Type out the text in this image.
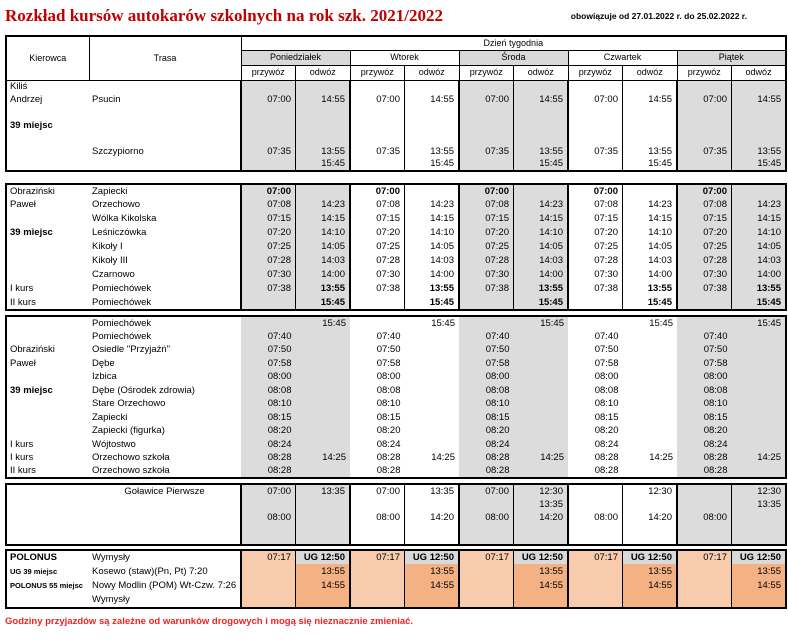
Rozkład kursów autokarów szkolnych na rok szk. 2021/2022	obowiązuje od 27.01.2022 r. do 25.02.2022 r.
Kierowca	Trasa	Dzień tygodnia									
		Poniedziałek		Wtorek		Środa		Czwartek		Piątek	
		przywóz	odwóz	przywóz	odwóz	przywóz	odwóz	przywóz	odwóz	przywóz	odwóz
Kiliś											
Andrzej	Psucin	07:00	14:55	07:00	14:55	07:00	14:55	07:00	14:55	07:00	14:55

39 miejsc											

	Szczypiorno	07:35	13:55	07:35	13:55	07:35	13:55	07:35	13:55	07:35	13:55
			15:45		15:45		15:45		15:45		15:45
Obraziński	Zapiecki	07:00		07:00		07:00		07:00		07:00	
Paweł	Orzechowo	07:08	14:23	07:08	14:23	07:08	14:23	07:08	14:23	07:08	14:23
	Wólka Kikolska	07:15	14:15	07:15	14:15	07:15	14:15	07:15	14:15	07:15	14:15
39 miejsc	Leśniczówka	07:20	14:10	07:20	14:10	07:20	14:10	07:20	14:10	07:20	14:10
	Kikoły I	07:25	14:05	07:25	14:05	07:25	14:05	07:25	14:05	07:25	14:05
	Kikoły III	07:28	14:03	07:28	14:03	07:28	14:03	07:28	14:03	07:28	14:03
	Czarnowo	07:30	14:00	07:30	14:00	07:30	14:00	07:30	14:00	07:30	14:00
I kurs	Pomiechówek	07:38	13:55	07:38	13:55	07:38	13:55	07:38	13:55	07:38	13:55
II kurs	Pomiechówek		15:45		15:45		15:45		15:45		15:45
	Pomiechówek		15:45		15:45		15:45		15:45		15:45
	Pomiechówek	07:40		07:40		07:40		07:40		07:40	
Obraziński	Osiedle "Przyjaźń"	07:50		07:50		07:50		07:50		07:50	
Paweł	Dębe	07:58		07:58		07:58		07:58		07:58	
	Izbica	08:00		08:00		08:00		08:00		08:00	
39 miejsc	Dębe (Ośrodek zdrowia)	08:08		08:08		08:08		08:08		08:08	
	Stare Orzechowo	08:10		08:10		08:10		08:10		08:10	
	Zapiecki	08:15		08:15		08:15		08:15		08:15	
	Zapiecki (figurka)	08:20		08:20		08:20		08:20		08:20	
I kurs	Wójtostwo	08:24		08:24		08:24		08:24		08:24	
I kurs	Orzechowo szkoła	08:28	14:25	08:28	14:25	08:28	14:25	08:28	14:25	08:28	14:25
II kurs	Orzechowo szkoła	08:28		08:28		08:28		08:28		08:28	
	Goławice Pierwsze	07:00	13:35	07:00	13:35	07:00	12:30		12:30		12:30
							13:35				13:35
		08:00		08:00	14:20	08:00	14:20	08:00	14:20	08:00	

POLONUS	Wymysły	07:17	UG 12:50	07:17	UG 12:50	07:17	UG 12:50	07:17	UG 12:50	07:17	UG 12:50
UG 39 miejsc	Kosewo (staw)(Pn, Pt) 7:20		13:55		13:55		13:55		13:55		13:55
POLONUS 55 miejsc	Nowy Modlin (POM) Wt-Czw. 7:26		14:55		14:55		14:55		14:55		14:55
	Wymysły										
Godziny przyjazdów są zależne od warunków drogowych i mogą się nieznacznie zmieniać.
